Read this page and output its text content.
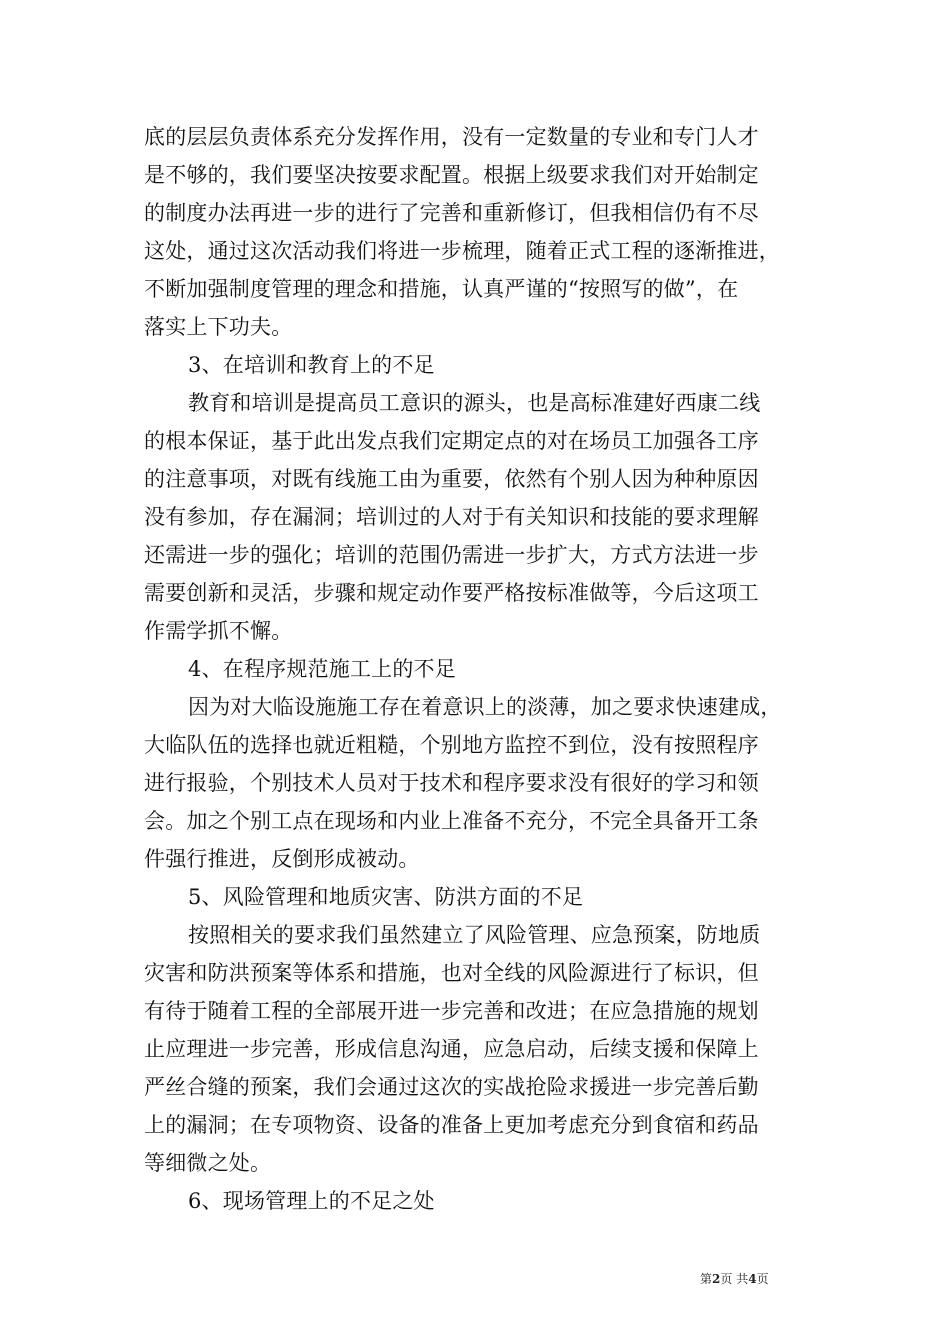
底的层层负责体系充分发挥作用，没有一定数量的专业和专门人才
是不够的，我们要坚决按要求配置。根据上级要求我们对开始制定
的制度办法再进一步的进行了完善和重新修订，但我相信仍有不尽
这处，通过这次活动我们将进一步梳理，随着正式工程的逐渐推进，
不断加强制度管理的理念和措施，认真严谨的“按照写的做”，在
落实上下功夫。
3、在培训和教育上的不足
教育和培训是提高员工意识的源头，也是高标准建好西康二线
的根本保证，基于此出发点我们定期定点的对在场员工加强各工序
的注意事项，对既有线施工由为重要，依然有个别人因为种种原因
没有参加，存在漏洞；培训过的人对于有关知识和技能的要求理解
还需进一步的强化；培训的范围仍需进一步扩大，方式方法进一步
需要创新和灵活，步骤和规定动作要严格按标准做等，今后这项工
作需学抓不懈。
4、在程序规范施工上的不足
因为对大临设施施工存在着意识上的淡薄，加之要求快速建成，
大临队伍的选择也就近粗糙，个别地方监控不到位，没有按照程序
进行报验，个别技术人员对于技术和程序要求没有很好的学习和领
会。加之个别工点在现场和内业上准备不充分，不完全具备开工条
件强行推进，反倒形成被动。
5、风险管理和地质灾害、防洪方面的不足
按照相关的要求我们虽然建立了风险管理、应急预案，防地质
灾害和防洪预案等体系和措施，也对全线的风险源进行了标识，但
有待于随着工程的全部展开进一步完善和改进；在应急措施的规划
止应理进一步完善，形成信息沟通，应急启动，后续支援和保障上
严丝合缝的预案，我们会通过这次的实战抢险求援进一步完善后勤
上的漏洞；在专项物资、设备的准备上更加考虑充分到食宿和药品
等细微之处。
6、现场管理上的不足之处
第2页 共4页
